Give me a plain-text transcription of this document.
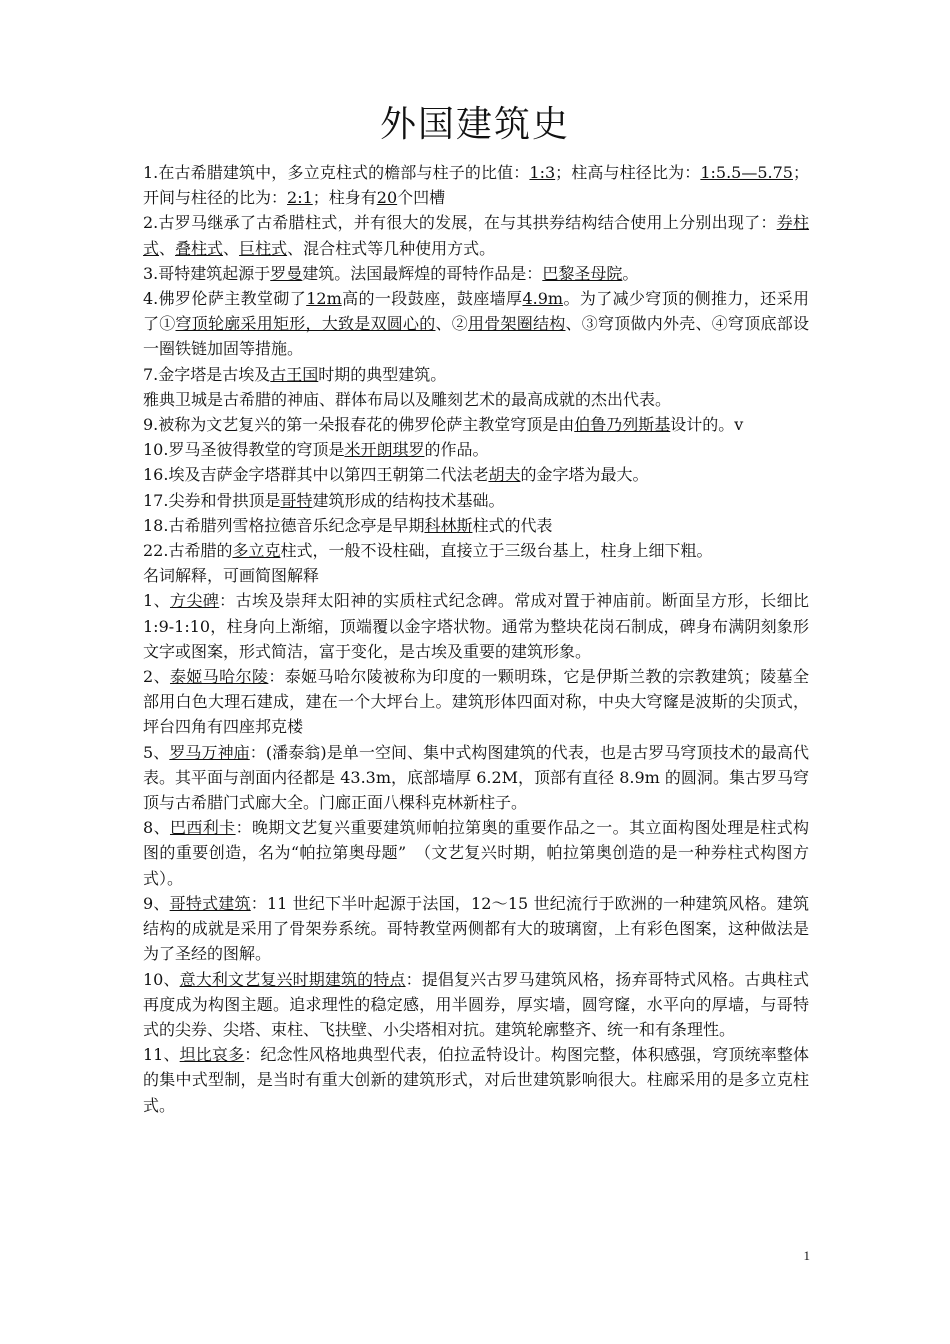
外国建筑史

1.在古希腊建筑中，多立克柱式的檐部与柱子的比值：1:3；柱高与柱径比为：1:5.5—5.75；开间与柱径的比为：2:1；柱身有20个凹槽

2.古罗马继承了古希腊柱式，并有很大的发展，在与其拱券结构结合使用上分别出现了：券柱式、叠柱式、巨柱式、混合柱式等几种使用方式。

3.哥特建筑起源于罗曼建筑。法国最辉煌的哥特作品是：巴黎圣母院。

4.佛罗伦萨主教堂砌了12m高的一段鼓座，鼓座墙厚4.9m。为了减少穹顶的侧推力，还采用了①穹顶轮廓采用矩形，大致是双圆心的、②用骨架圈结构、③穹顶做内外壳、④穹顶底部设一圈铁链加固等措施。

7.金字塔是古埃及古王国时期的典型建筑。

雅典卫城是古希腊的神庙、群体布局以及雕刻艺术的最高成就的杰出代表。

9.被称为文艺复兴的第一朵报春花的佛罗伦萨主教堂穹顶是由伯鲁乃列斯基设计的。v

10.罗马圣彼得教堂的穹顶是米开朗琪罗的作品。

16.埃及吉萨金字塔群其中以第四王朝第二代法老胡夫的金字塔为最大。

17.尖券和骨拱顶是哥特建筑形成的结构技术基础。

18.古希腊列雪格拉德音乐纪念亭是早期科林斯柱式的代表

22.古希腊的多立克柱式，一般不设柱础，直接立于三级台基上，柱身上细下粗。

名词解释，可画简图解释

1、方尖碑：古埃及崇拜太阳神的实质柱式纪念碑。常成对置于神庙前。断面呈方形，长细比 1:9-1:10，柱身向上渐缩，顶端覆以金字塔状物。通常为整块花岗石制成，碑身布满阴刻象形文字或图案，形式简洁，富于变化，是古埃及重要的建筑形象。

2、泰姬马哈尔陵：泰姬马哈尔陵被称为印度的一颗明珠，它是伊斯兰教的宗教建筑；陵墓全部用白色大理石建成，建在一个大坪台上。建筑形体四面对称，中央大穹窿是波斯的尖顶式，坪台四角有四座邦克楼

5、罗马万神庙：(潘泰翁)是单一空间、集中式构图建筑的代表，也是古罗马穹顶技术的最高代表。其平面与剖面内径都是 43.3m，底部墙厚 6.2M，顶部有直径 8.9m 的圆洞。集古罗马穹顶与古希腊门式廊大全。门廊正面八棵科克林新柱子。

8、巴西利卡：晚期文艺复兴重要建筑师帕拉第奥的重要作品之一。其立面构图处理是柱式构图的重要创造，名为“帕拉第奥母题”　（文艺复兴时期，帕拉第奥创造的是一种券柱式构图方式）。

9、哥特式建筑：11 世纪下半叶起源于法国，12～15 世纪流行于欧洲的一种建筑风格。建筑结构的成就是采用了骨架券系统。哥特教堂两侧都有大的玻璃窗，上有彩色图案，这种做法是为了圣经的图解。

10、意大利文艺复兴时期建筑的特点：提倡复兴古罗马建筑风格，扬弃哥特式风格。古典柱式再度成为构图主题。追求理性的稳定感，用半圆券，厚实墙，圆穹窿，水平向的厚墙，与哥特式的尖券、尖塔、束柱、飞扶壁、小尖塔相对抗。建筑轮廓整齐、统一和有条理性。

11、坦比哀多：纪念性风格地典型代表，伯拉孟特设计。构图完整，体积感强，穹顶统率整体的集中式型制，是当时有重大创新的建筑形式，对后世建筑影响很大。柱廊采用的是多立克柱式。

1
